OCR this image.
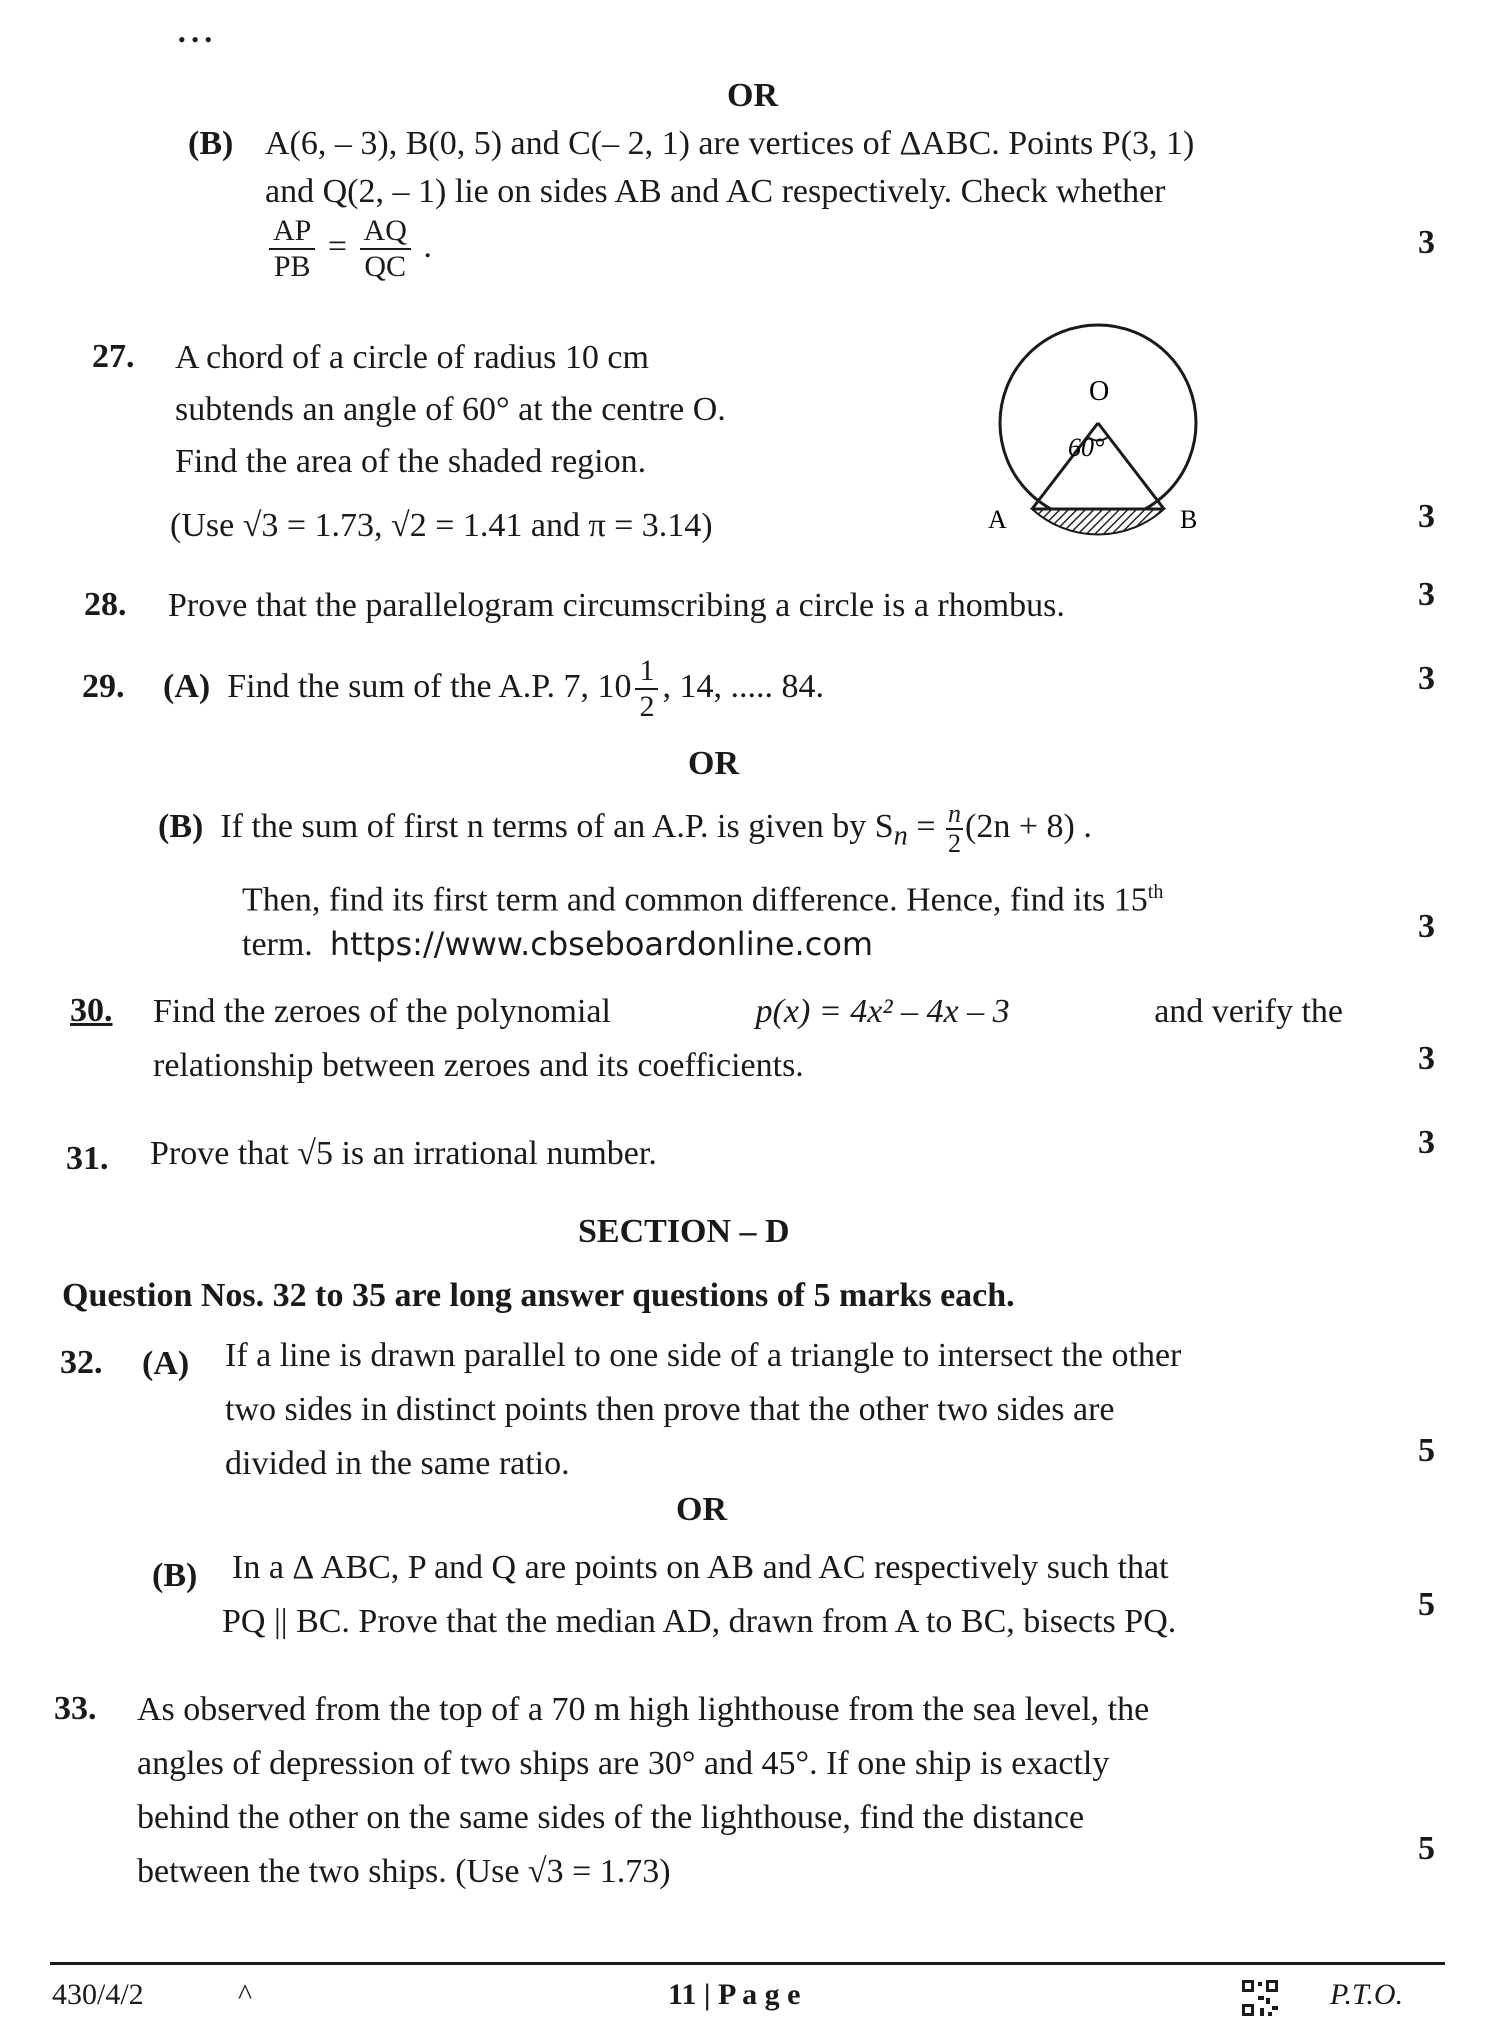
• • •
OR
(B) A(6, – 3), B(0, 5) and C(– 2, 1) are vertices of ΔABC. Points P(3, 1)
and Q(2, – 1) lie on sides AB and AC respectively. Check whether
$\frac{AP}{PB} = \frac{AQ}{QC}$ .	3
27. A chord of a circle of radius 10 cm
subtends an angle of 60° at the centre O.
Find the area of the shaded region.
(Use √3 = 1.73, √2 = 1.41 and π = 3.14)	3
O
60°
A	B
28. Prove that the parallelogram circumscribing a circle is a rhombus.	3
29. (A) Find the sum of the A.P. 7, $10 \frac{1}{2}$ , 14, ..... 84.	3
OR
(B) If the sum of first n terms of an A.P. is given by $S_n = \frac{n}{2} (2n + 8)$ .
Then, find its first term and common difference. Hence, find its 15th
term. https://www.cbseboardonline.com	3
30. Find the zeroes of the polynomial	p(x) = 4x² – 4x – 3	and verify the
relationship between zeroes and its coefficients.	3
31. Prove that √5 is an irrational number.	3
SECTION – D
Question Nos. 32 to 35 are long answer questions of 5 marks each.
32. (A) If a line is drawn parallel to one side of a triangle to intersect the other
two sides in distinct points then prove that the other two sides are
divided in the same ratio.	5
OR
(B) In a Δ ABC, P and Q are points on AB and AC respectively such that
PQ || BC. Prove that the median AD, drawn from A to BC, bisects PQ.	5
33. As observed from the top of a 70 m high lighthouse from the sea level, the
angles of depression of two ships are 30° and 45°. If one ship is exactly
behind the other on the same sides of the lighthouse, find the distance
between the two ships. (Use √3 = 1.73)
5
430/4/2	^	11 | P a g e	P.T.O.
